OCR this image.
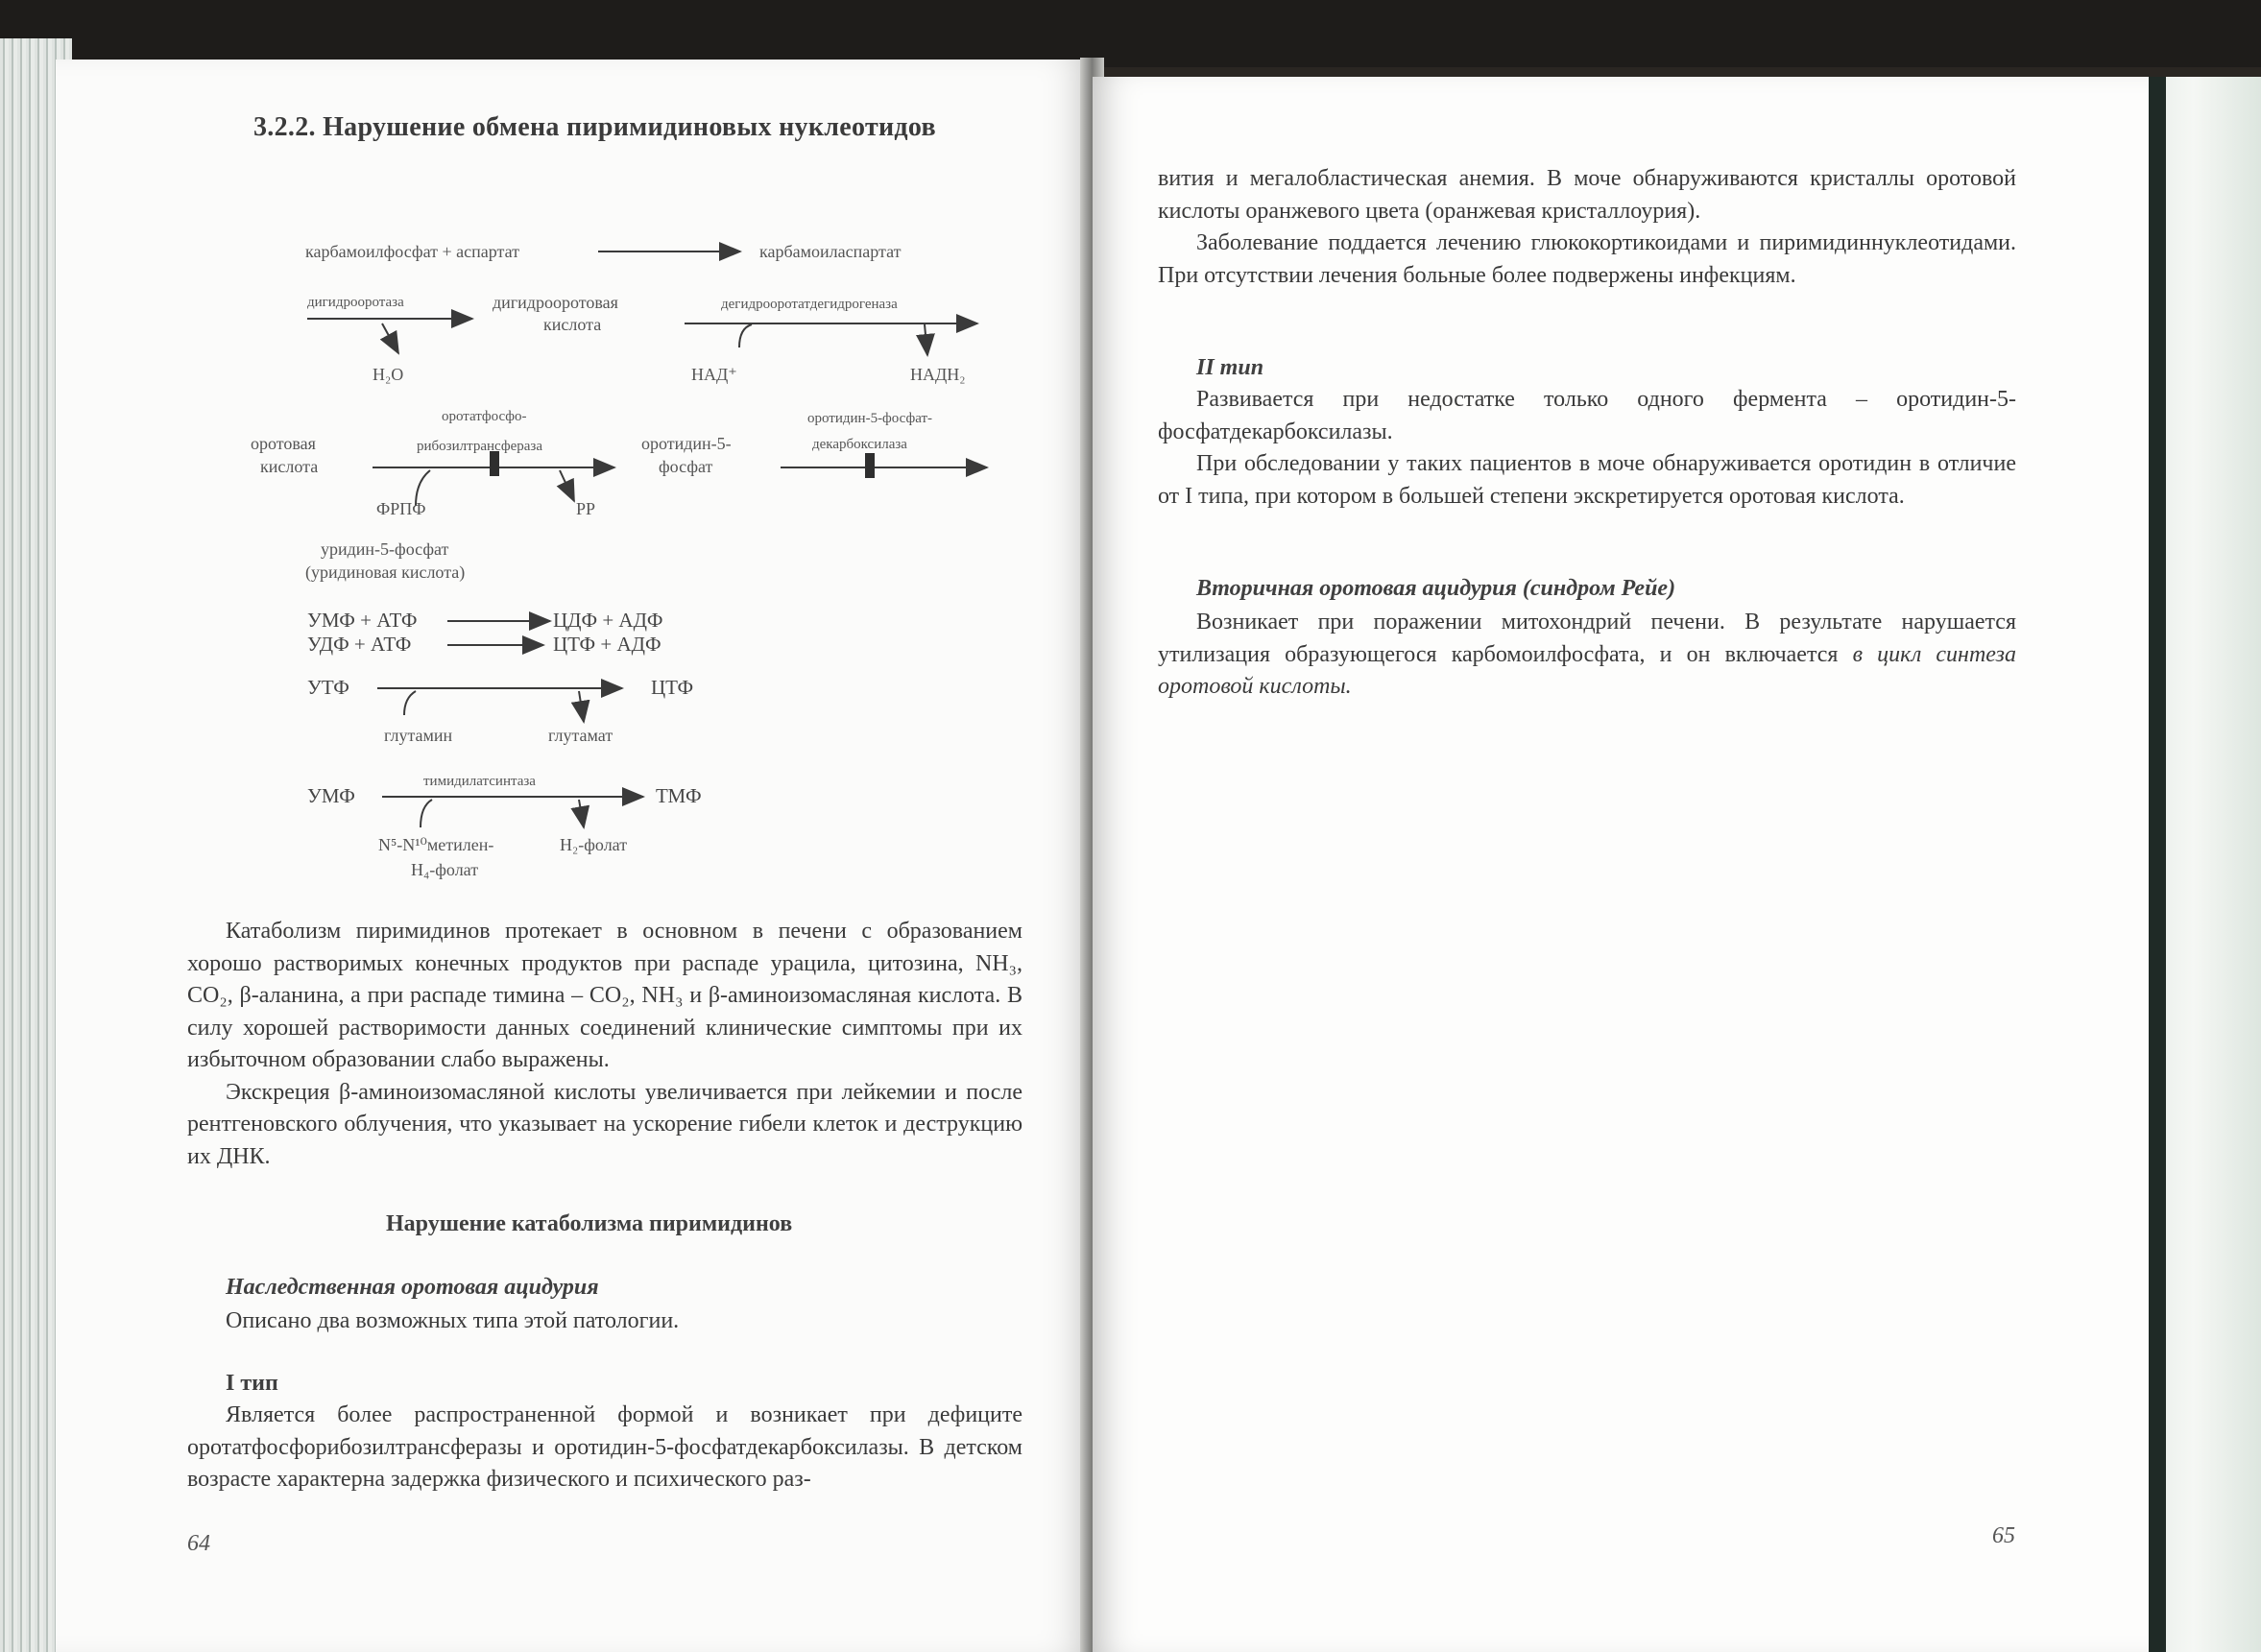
3.2.2. Нарушение обмена пиримидиновых нуклеотидов
карбамоилфосфат + аспартат	карбамоиласпартат
дигидрооротаза	дигидрооротовая
кислота
дегидрооротатдегидрогеназа
H₂O	НАД⁺	НАДН₂
оротовая
кислота
оротатфосфо-
рибозилтрансфераза	оротидин-5-
фосфат
оротидин-5-фосфат-
декарбоксилаза
ФРПФ	PP
уридин-5-фосфат
(уридиновая кислота)
УМФ + АТФ	ЦДФ + АДФ
УДФ + АТФ	ЦТФ + АДФ
УТФ	ЦТФ
глутамин	глутамат
тимидилатсинтаза
УМФ	ТМФ
N⁵-N¹⁰метилен-
H₄-фолат
H₂-фолат

Катаболизм пиримидинов протекает в основном в печени с образованием хорошо растворимых конечных продуктов при распаде урацила, цитозина, NH₃, CO₂, β-аланина, а при распаде тимина – CO₂, NH₃ и β-аминоизомасляная кислота. В силу хорошей растворимости данных соединений клинические симптомы при их избыточном образовании слабо выражены.

Экскреция β-аминоизомасляной кислоты увеличивается при лейкемии и после рентгеновского облучения, что указывает на ускорение гибели клеток и деструкцию их ДНК.

Нарушение катаболизма пиримидинов
Наследственная оротовая ацидурия
Описано два возможных типа этой патологии.
I тип

Является более распространенной формой и возникает при дефиците оротатфосфорибозилтрансферазы и оротидин-5-фосфатдекарбоксилазы. В детском возрасте характерна задержка физического и психического раз-

64

вития и мегалобластическая анемия. В моче обнаруживаются кристаллы оротовой кислоты оранжевого цвета (оранжевая кристаллоурия).

Заболевание поддается лечению глюкокортикоидами и пиримидиннуклеотидами. При отсутствии лечения больные более подвержены инфекциям.

II тип

Развивается при недостатке только одного фермента – оротидин-5-фосфатдекарбоксилазы.

При обследовании у таких пациентов в моче обнаруживается оротидин в отличие от I типа, при котором в большей степени экскретируется оротовая кислота.

Вторичная оротовая ацидурия (синдром Рейе)

Возникает при поражении митохондрий печени. В результате нарушается утилизация образующегося карбомоилфосфата, и он включается в цикл синтеза оротовой кислоты.

65
